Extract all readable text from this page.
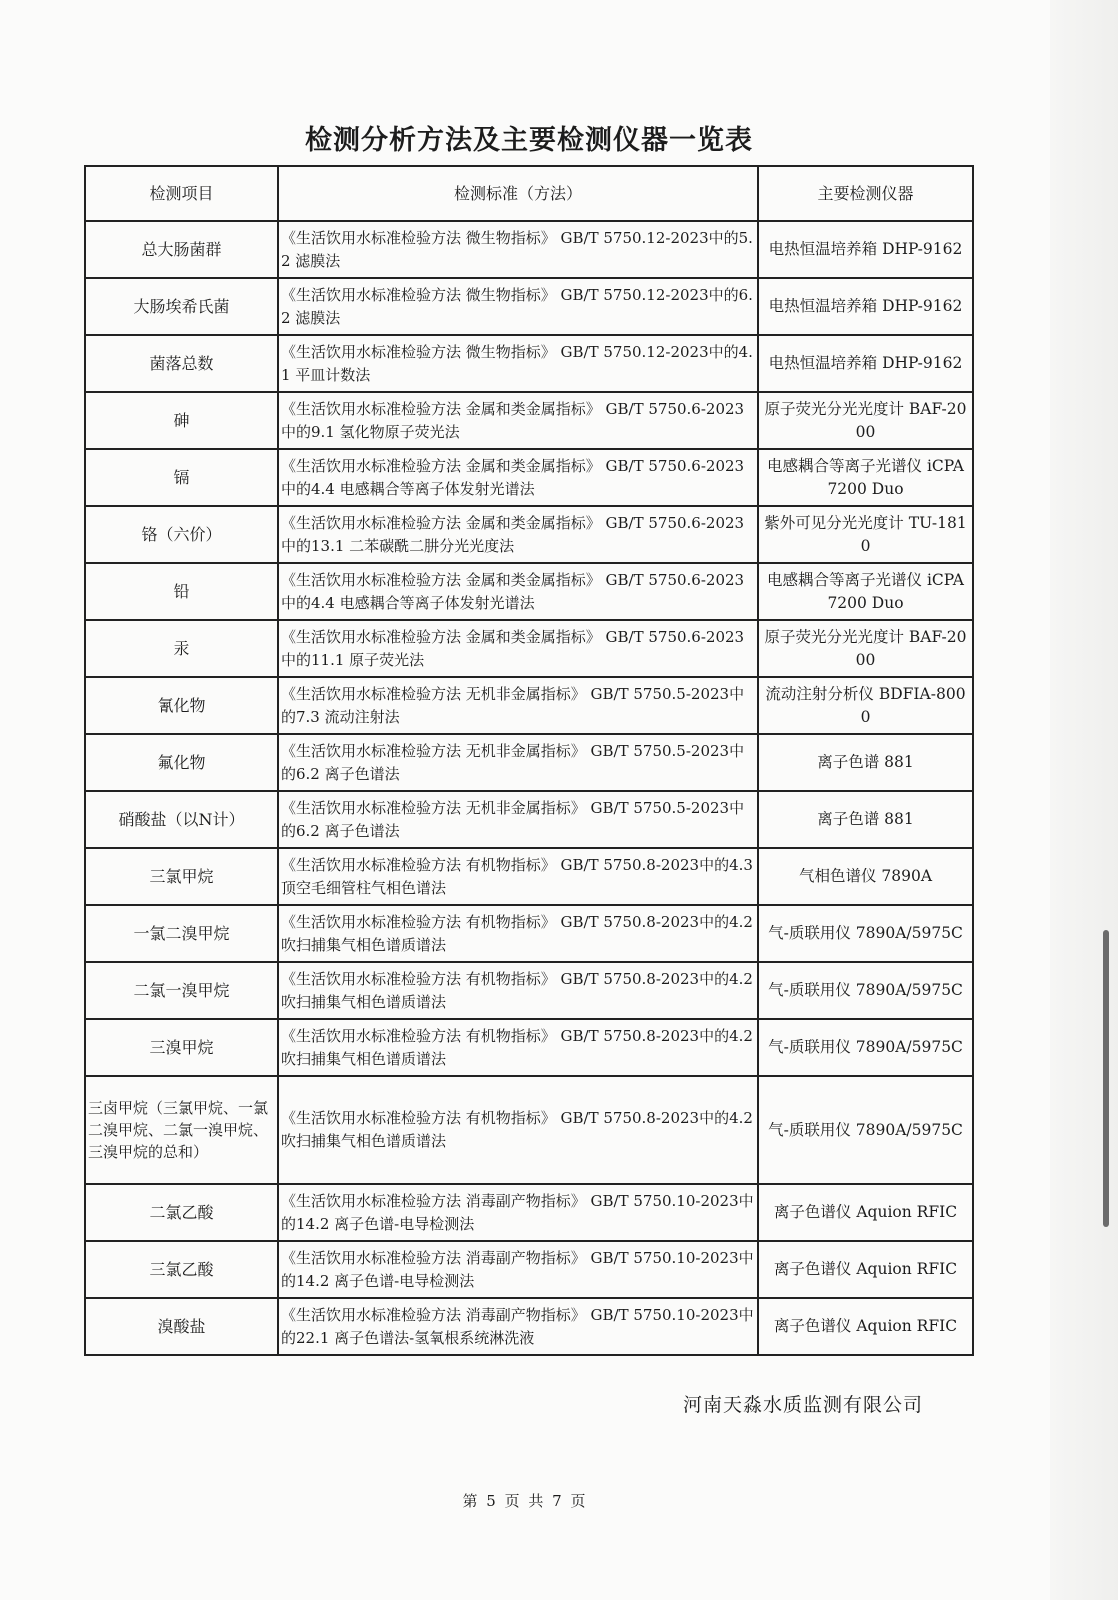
检测分析方法及主要检测仪器一览表
检测项目	检测标准（方法）	主要检测仪器
总大肠菌群	《生活饮用水标准检验方法 微生物指标》 GB/T 5750.12-2023中的5.2 滤膜法	电热恒温培养箱 DHP-9162
大肠埃希氏菌	《生活饮用水标准检验方法 微生物指标》 GB/T 5750.12-2023中的6.2 滤膜法	电热恒温培养箱 DHP-9162
菌落总数	《生活饮用水标准检验方法 微生物指标》 GB/T 5750.12-2023中的4.1 平皿计数法	电热恒温培养箱 DHP-9162
砷	《生活饮用水标准检验方法 金属和类金属指标》 GB/T 5750.6-2023中的9.1 氢化物原子荧光法	原子荧光分光光度计 BAF-2000
镉	《生活饮用水标准检验方法 金属和类金属指标》 GB/T 5750.6-2023中的4.4 电感耦合等离子体发射光谱法	电感耦合等离子光谱仪 iCPA 7200 Duo
铬（六价）	《生活饮用水标准检验方法 金属和类金属指标》 GB/T 5750.6-2023中的13.1 二苯碳酰二肼分光光度法	紫外可见分光光度计 TU-1810
铅	《生活饮用水标准检验方法 金属和类金属指标》 GB/T 5750.6-2023中的4.4 电感耦合等离子体发射光谱法	电感耦合等离子光谱仪 iCPA 7200 Duo
汞	《生活饮用水标准检验方法 金属和类金属指标》 GB/T 5750.6-2023中的11.1 原子荧光法	原子荧光分光光度计 BAF-2000
氰化物	《生活饮用水标准检验方法 无机非金属指标》 GB/T 5750.5-2023中的7.3 流动注射法	流动注射分析仪 BDFIA-8000
氟化物	《生活饮用水标准检验方法 无机非金属指标》 GB/T 5750.5-2023中的6.2 离子色谱法	离子色谱 881
硝酸盐（以N计）	《生活饮用水标准检验方法 无机非金属指标》 GB/T 5750.5-2023中的6.2 离子色谱法	离子色谱 881
三氯甲烷	《生活饮用水标准检验方法 有机物指标》 GB/T 5750.8-2023中的4.3 顶空毛细管柱气相色谱法	气相色谱仪 7890A
一氯二溴甲烷	《生活饮用水标准检验方法 有机物指标》 GB/T 5750.8-2023中的4.2 吹扫捕集气相色谱质谱法	气-质联用仪 7890A/5975C
二氯一溴甲烷	《生活饮用水标准检验方法 有机物指标》 GB/T 5750.8-2023中的4.2 吹扫捕集气相色谱质谱法	气-质联用仪 7890A/5975C
三溴甲烷	《生活饮用水标准检验方法 有机物指标》 GB/T 5750.8-2023中的4.2 吹扫捕集气相色谱质谱法	气-质联用仪 7890A/5975C
三卤甲烷（三氯甲烷、一氯二溴甲烷、二氯一溴甲烷、三溴甲烷的总和）	《生活饮用水标准检验方法 有机物指标》 GB/T 5750.8-2023中的4.2 吹扫捕集气相色谱质谱法	气-质联用仪 7890A/5975C
二氯乙酸	《生活饮用水标准检验方法 消毒副产物指标》 GB/T 5750.10-2023中的14.2 离子色谱-电导检测法	离子色谱仪 Aquion RFIC
三氯乙酸	《生活饮用水标准检验方法 消毒副产物指标》 GB/T 5750.10-2023中的14.2 离子色谱-电导检测法	离子色谱仪 Aquion RFIC
溴酸盐	《生活饮用水标准检验方法 消毒副产物指标》 GB/T 5750.10-2023中的22.1 离子色谱法-氢氧根系统淋洗液	离子色谱仪 Aquion RFIC
河南天淼水质监测有限公司
第 5 页 共 7 页
